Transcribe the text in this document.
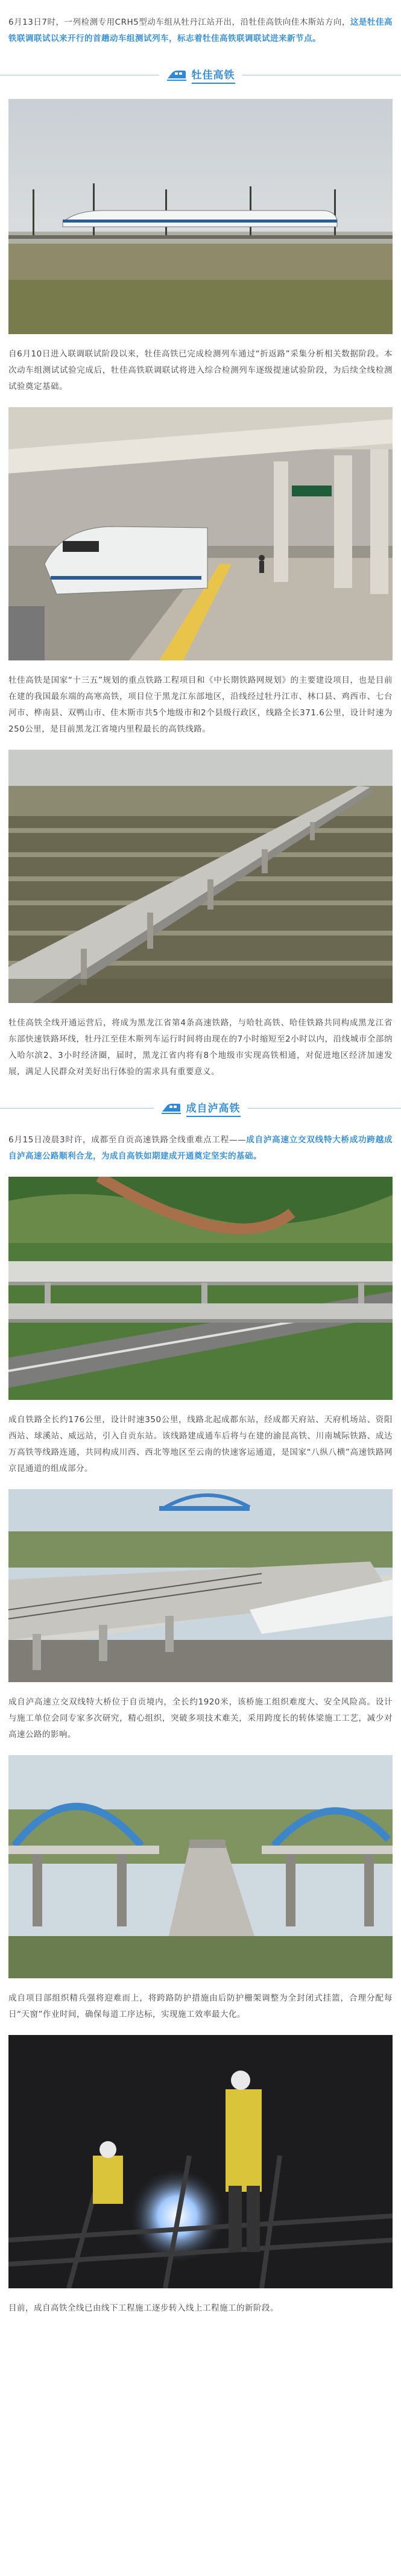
6月13日7时，一列检测专用CRH5型动车组从牡丹江站开出，沿牡佳高铁向佳木斯站方向，这是牡佳高铁联调联试以来开行的首趟动车组测试列车，标志着牡佳高铁联调联试进来新节点。

牡佳高铁

自6月10日进入联调联试阶段以来，牡佳高铁已完成检测列车通过“折返路”采集分析相关数据阶段。本次动车组测试试验完成后，牡佳高铁联调联试将进入综合检测列车逐级提速试验阶段，为后续全线检测试验奠定基础。

牡佳高铁是国家“十三五”规划的重点铁路工程项目和《中长期铁路网规划》的主要建设项目，也是目前在建的我国最东端的高寒高铁，项目位于黑龙江东部地区，沿线经过牡丹江市、林口县、鸡西市、七台河市、桦南县、双鸭山市、佳木斯市共5个地级市和2个县级行政区，线路全长371.6公里，设计时速为250公里，是目前黑龙江省境内里程最长的高铁线路。

牡佳高铁全线开通运营后，将成为黑龙江省第4条高速铁路，与哈牡高铁、哈佳铁路共同构成黑龙江省东部快速铁路环线，牡丹江至佳木斯列车运行时间将由现在的7小时缩短至2小时以内，沿线城市全部纳入哈尔滨2、3小时经济圈，届时，黑龙江省内将有8个地级市实现高铁相通，对促进地区经济加速发展，满足人民群众对美好出行体验的需求具有重要意义。

成自泸高铁

6月15日凌晨3时许，成都至自贡高速铁路全线重难点工程——成自泸高速立交双线特大桥成功跨越成自泸高速公路顺利合龙，为成自高铁如期建成开通奠定坚实的基础。

成自铁路全长约176公里，设计时速350公里，线路北起成都东站，经成都天府站、天府机场站、资阳西站、球溪站、威远站，引入自贡东站。该线路建成通车后将与在建的渝昆高铁、川南城际铁路、成达万高铁等线路连通，共同构成川西、西北等地区至云南的快速客运通道，是国家“八纵八横”高速铁路网京昆通道的组成部分。

成自泸高速立交双线特大桥位于自贡境内，全长约1920米，该桥施工组织难度大、安全风险高。设计与施工单位会同专家多次研究，精心组织，突破多项技术难关，采用跨度长的转体梁施工工艺，减少对高速公路的影响。

成自项目部组织精兵强将迎难而上，将跨路防护措施由后防护栅架调整为全封闭式挂篮，合理分配每日“天窗”作业时间，确保每道工序达标，实现施工效率最大化。

目前，成自高铁全线已由线下工程施工逐步转入线上工程施工的新阶段。
